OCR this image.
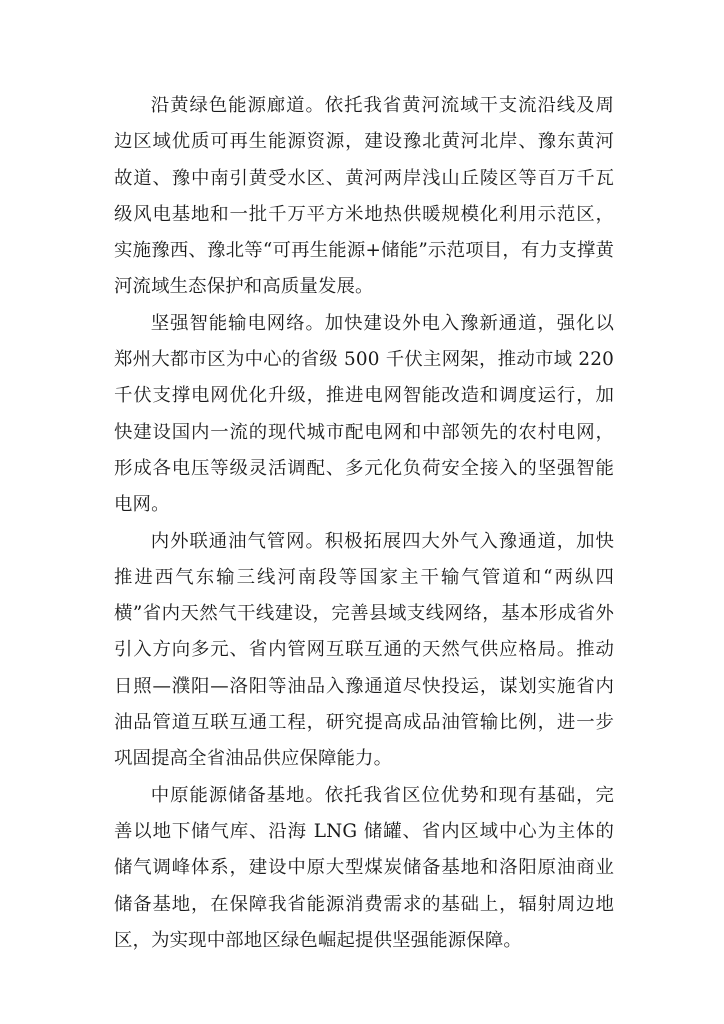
沿黄绿色能源廊道。依托我省黄河流域干支流沿线及周边区域优质可再生能源资源，建设豫北黄河北岸、豫东黄河故道、豫中南引黄受水区、黄河两岸浅山丘陵区等百万千瓦级风电基地和一批千万平方米地热供暖规模化利用示范区，实施豫西、豫北等“可再生能源+储能”示范项目，有力支撑黄河流域生态保护和高质量发展。

坚强智能输电网络。加快建设外电入豫新通道，强化以郑州大都市区为中心的省级 500 千伏主网架，推动市域 220 千伏支撑电网优化升级，推进电网智能改造和调度运行，加快建设国内一流的现代城市配电网和中部领先的农村电网，形成各电压等级灵活调配、多元化负荷安全接入的坚强智能电网。

内外联通油气管网。积极拓展四大外气入豫通道，加快推进西气东输三线河南段等国家主干输气管道和“两纵四横”省内天然气干线建设，完善县域支线网络，基本形成省外引入方向多元、省内管网互联互通的天然气供应格局。推动日照—濮阳—洛阳等油品入豫通道尽快投运，谋划实施省内油品管道互联互通工程，研究提高成品油管输比例，进一步巩固提高全省油品供应保障能力。

中原能源储备基地。依托我省区位优势和现有基础，完善以地下储气库、沿海 LNG 储罐、省内区域中心为主体的储气调峰体系，建设中原大型煤炭储备基地和洛阳原油商业储备基地，在保障我省能源消费需求的基础上，辐射周边地区，为实现中部地区绿色崛起提供坚强能源保障。
